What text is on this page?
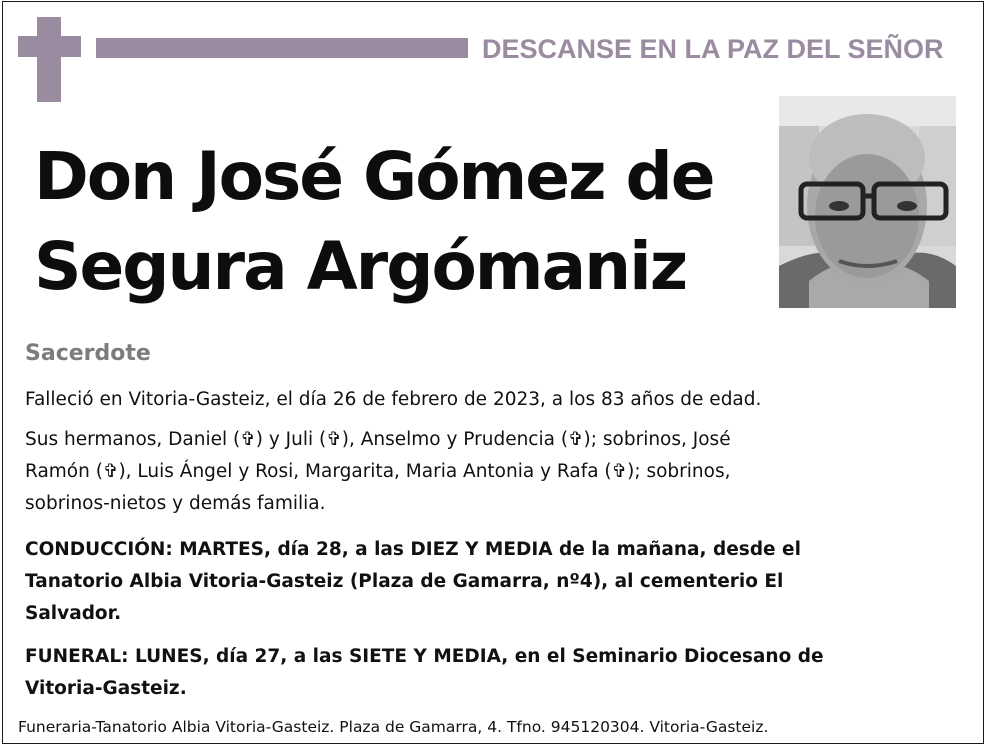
DESCANSE EN LA PAZ DEL SEÑOR
Don José Gómez de
Segura Argómaniz
Sacerdote
Falleció en Vitoria-Gasteiz, el día 26 de febrero de 2023, a los 83 años de edad.
Sus hermanos, Daniel (✞) y Juli (✞), Anselmo y Prudencia (✞); sobrinos, José
Ramón (✞), Luis Ángel y Rosi, Margarita, Maria Antonia y Rafa (✞); sobrinos,
sobrinos-nietos y demás familia.
CONDUCCIÓN: MARTES, día 28, a las DIEZ Y MEDIA de la mañana, desde el
Tanatorio Albia Vitoria-Gasteiz (Plaza de Gamarra, nº4), al cementerio El
Salvador.
FUNERAL: LUNES, día 27, a las SIETE Y MEDIA, en el Seminario Diocesano de
Vitoria-Gasteiz.
Funeraria-Tanatorio Albia Vitoria-Gasteiz. Plaza de Gamarra, 4. Tfno. 945120304. Vitoria-Gasteiz.
